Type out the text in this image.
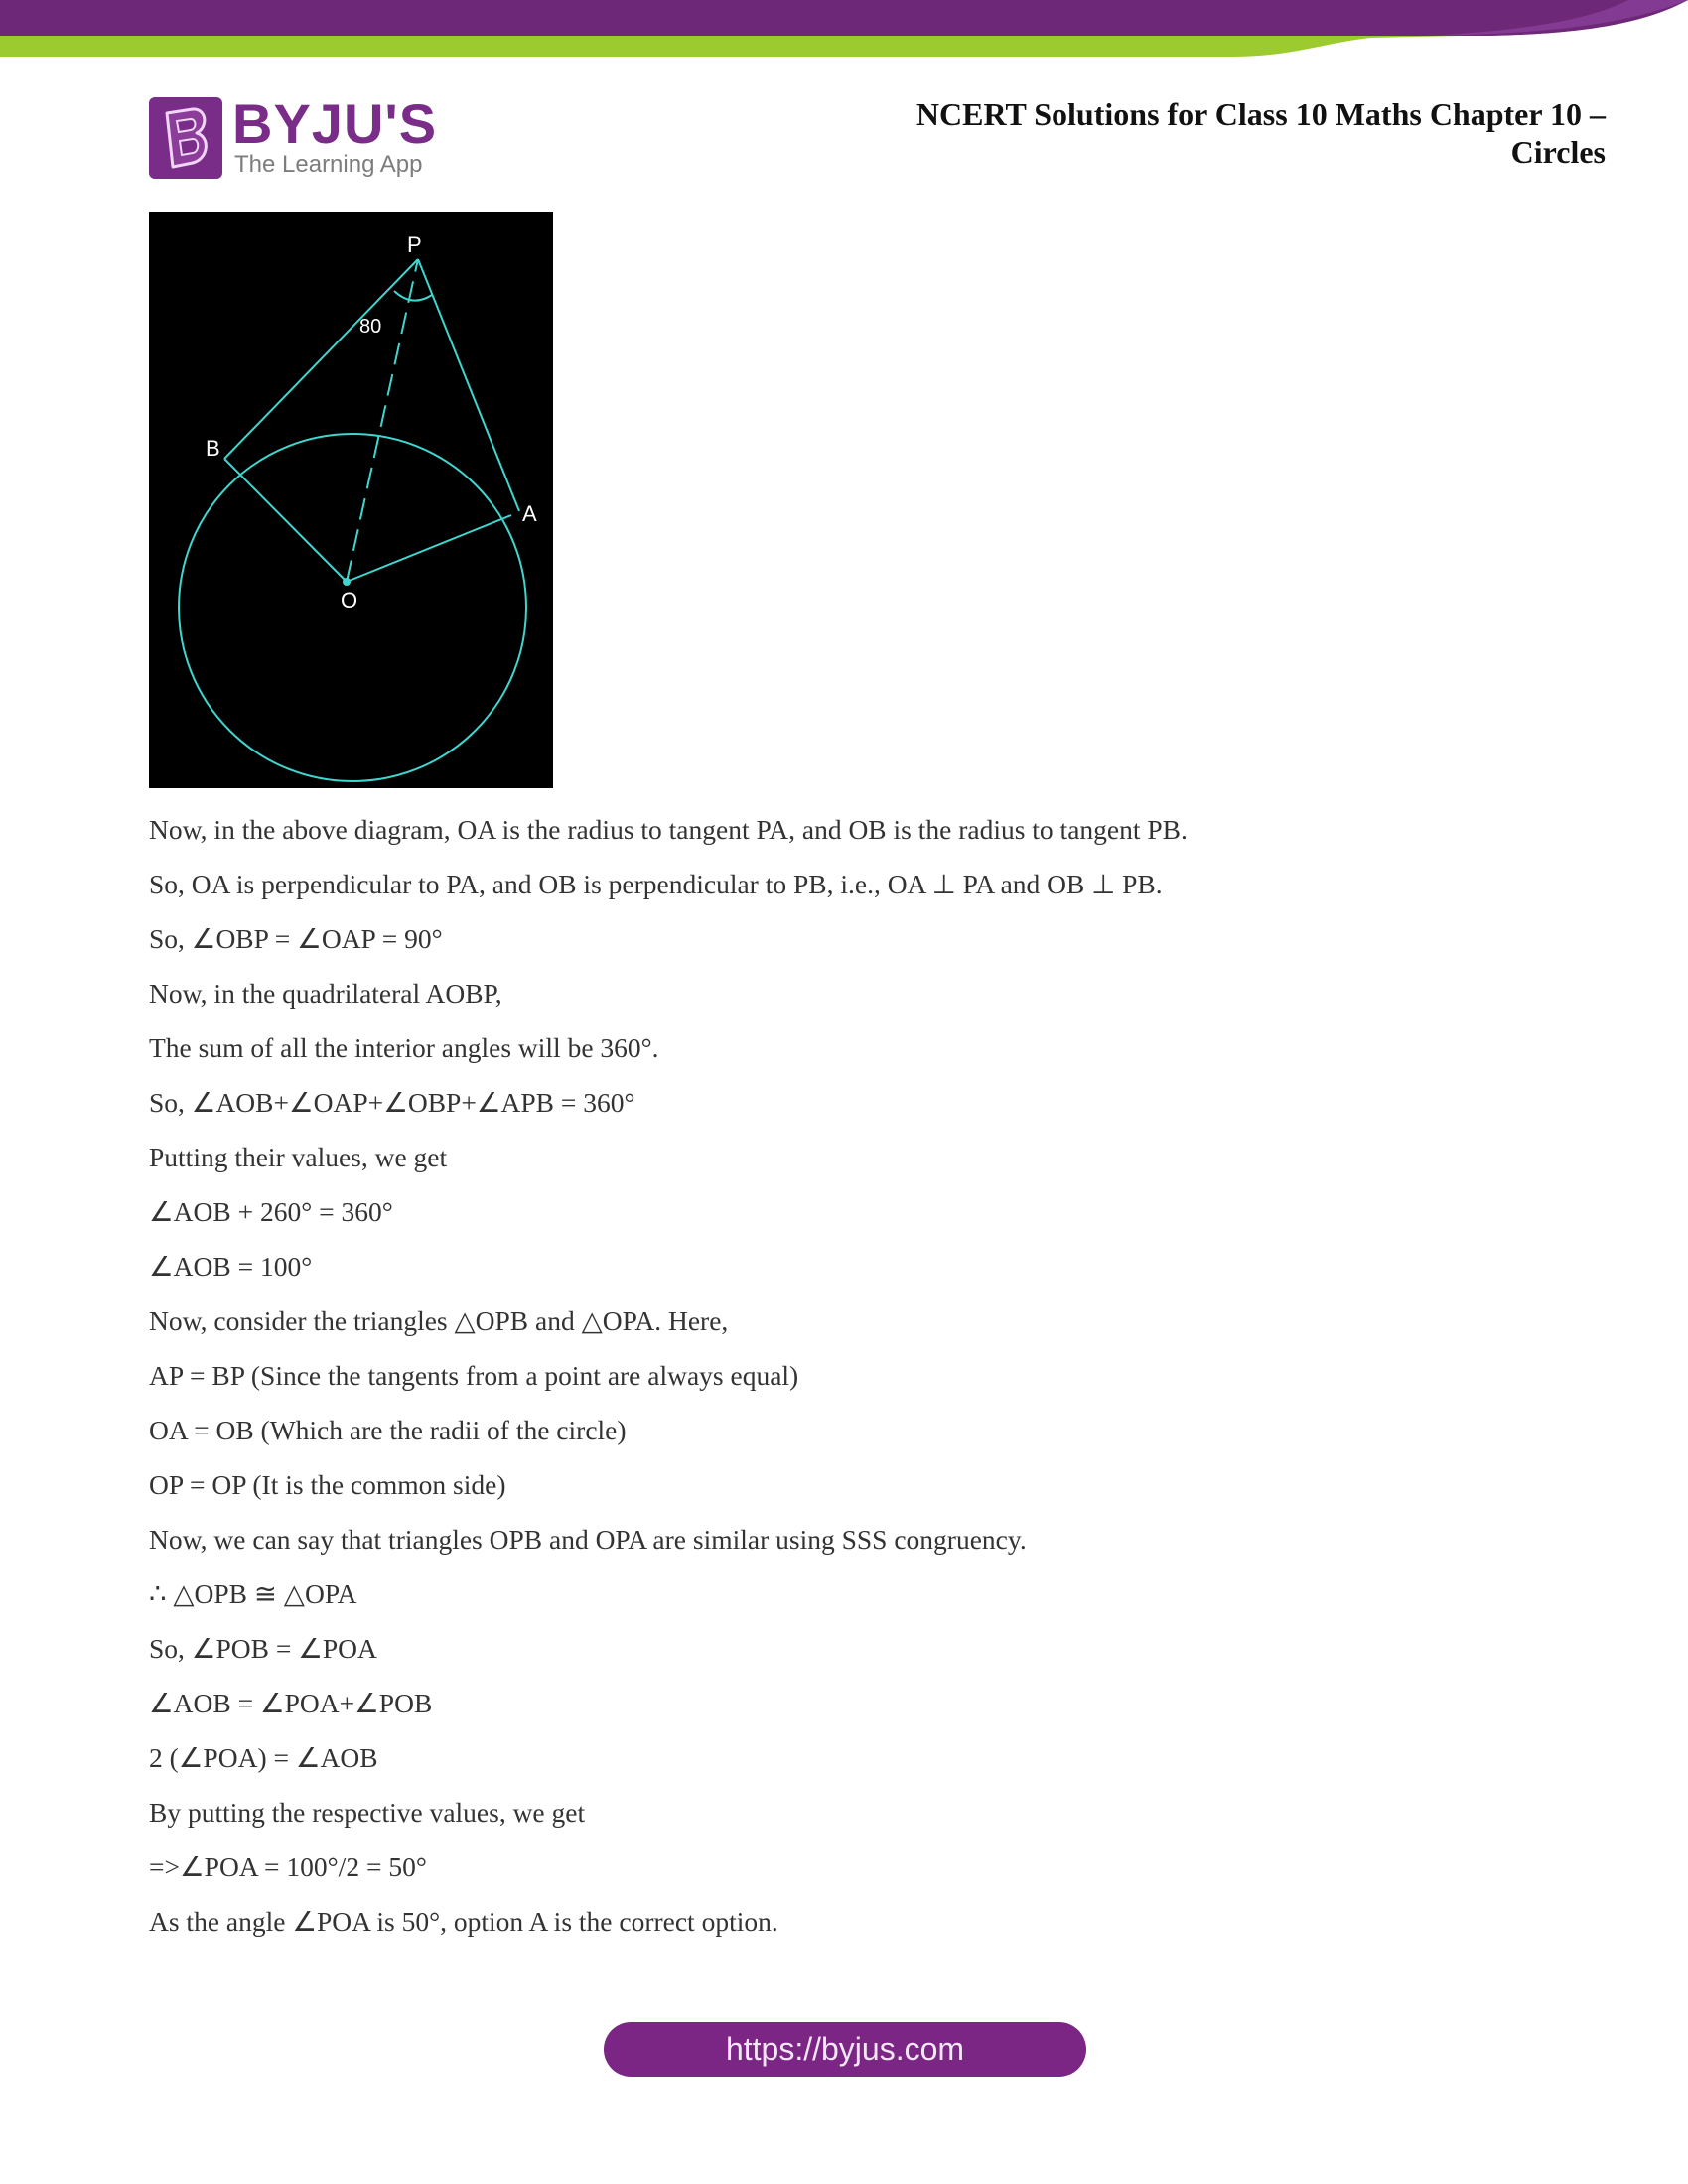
BYJU'S
The Learning App
NCERT Solutions for Class 10 Maths Chapter 10 –
Circles
P
80
B
A
O
Now, in the above diagram, OA is the radius to tangent PA, and OB is the radius to tangent PB.
So, OA is perpendicular to PA, and OB is perpendicular to PB, i.e., OA ⊥ PA and OB ⊥ PB.
So, ∠OBP = ∠OAP = 90°
Now, in the quadrilateral AOBP,
The sum of all the interior angles will be 360°.
So, ∠AOB+∠OAP+∠OBP+∠APB = 360°
Putting their values, we get
∠AOB + 260° = 360°
∠AOB = 100°
Now, consider the triangles △OPB and △OPA. Here,
AP = BP (Since the tangents from a point are always equal)
OA = OB (Which are the radii of the circle)
OP = OP (It is the common side)
Now, we can say that triangles OPB and OPA are similar using SSS congruency.
∴ △OPB ≅ △OPA
So, ∠POB = ∠POA
∠AOB = ∠POA+∠POB
2 (∠POA) = ∠AOB
By putting the respective values, we get
=>∠POA = 100°/2 = 50°
As the angle ∠POA is 50°, option A is the correct option.
https://byjus.com
